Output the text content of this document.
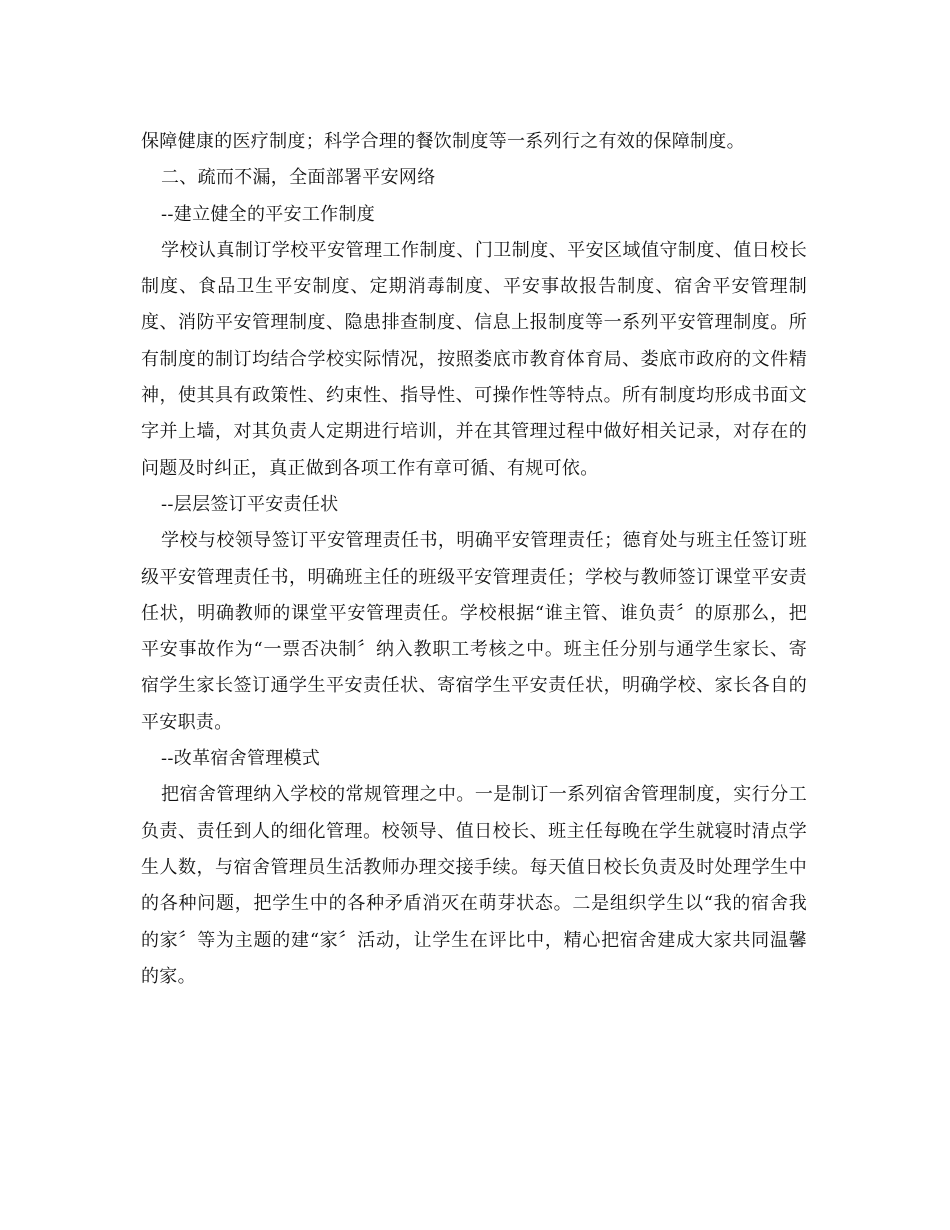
保障健康的医疗制度；科学合理的餐饮制度等一系列行之有效的保障制度。

二、疏而不漏，全面部署平安网络

--建立健全的平安工作制度

学校认真制订学校平安管理工作制度、门卫制度、平安区域值守制度、值日校长制度、食品卫生平安制度、定期消毒制度、平安事故报告制度、宿舍平安管理制度、消防平安管理制度、隐患排查制度、信息上报制度等一系列平安管理制度。所有制度的制订均结合学校实际情况，按照娄底市教育体育局、娄底市政府的文件精神，使其具有政策性、约束性、指导性、可操作性等特点。所有制度均形成书面文字并上墙，对其负责人定期进行培训，并在其管理过程中做好相关记录，对存在的问题及时纠正，真正做到各项工作有章可循、有规可依。

--层层签订平安责任状

学校与校领导签订平安管理责任书，明确平安管理责任；德育处与班主任签订班级平安管理责任书，明确班主任的班级平安管理责任；学校与教师签订课堂平安责任状，明确教师的课堂平安管理责任。学校根据“谁主管、谁负责〞的原那么，把平安事故作为“一票否决制〞纳入教职工考核之中。班主任分别与通学生家长、寄宿学生家长签订通学生平安责任状、寄宿学生平安责任状，明确学校、家长各自的平安职责。

--改革宿舍管理模式

把宿舍管理纳入学校的常规管理之中。一是制订一系列宿舍管理制度，实行分工负责、责任到人的细化管理。校领导、值日校长、班主任每晚在学生就寝时清点学生人数，与宿舍管理员生活教师办理交接手续。每天值日校长负责及时处理学生中的各种问题，把学生中的各种矛盾消灭在萌芽状态。二是组织学生以“我的宿舍我的家〞等为主题的建“家〞活动，让学生在评比中，精心把宿舍建成大家共同温馨的家。
